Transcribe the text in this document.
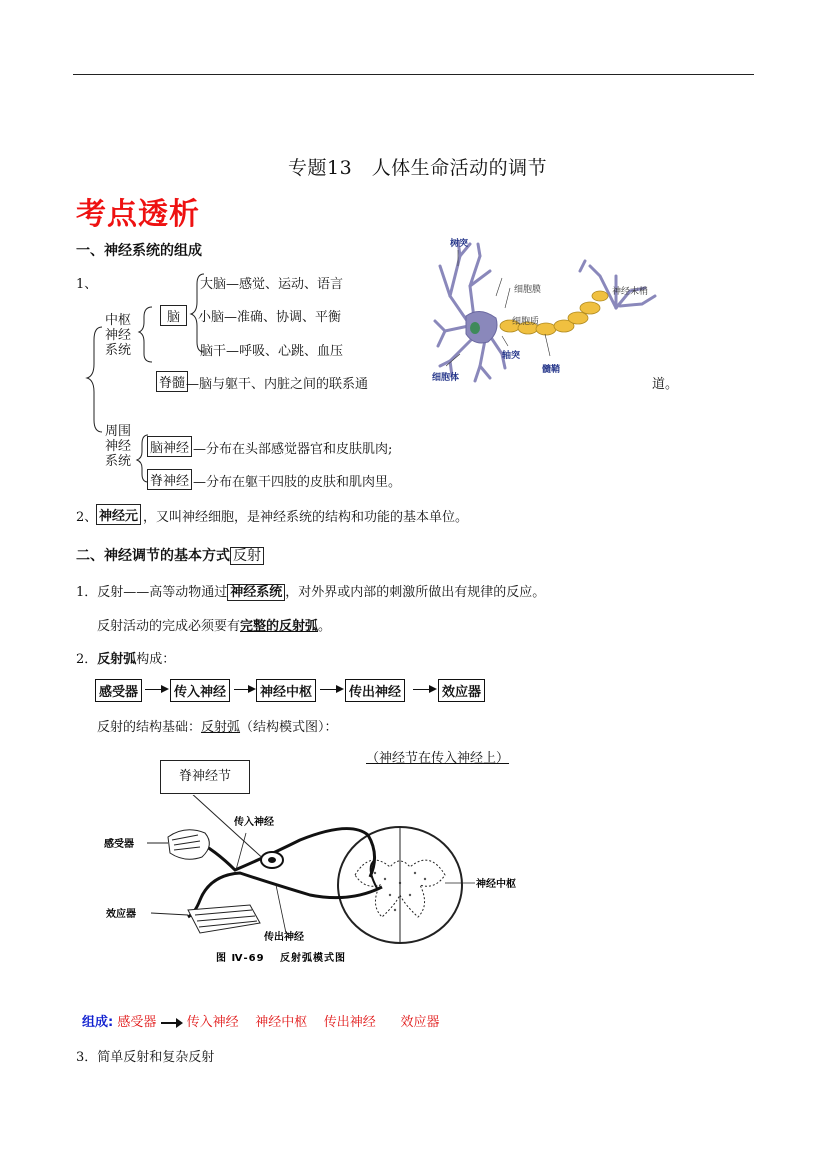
专题13　人体生命活动的调节
考点透析
一、神经系统的组成
1、
中枢
神经
系统
脑
大脑—感觉、运动、语言
小脑—准确、协调、平衡
脑干—呼吸、心跳、血压
脊髓 —脑与躯干、内脏之间的联系通	道。
周围
神经
系统
脑神经 —分布在头部感觉器官和皮肤肌肉;
脊神经 —分布在躯干四肢的皮肤和肌肉里。
2、 神经元 ，又叫神经细胞，是神经系统的结构和功能的基本单位。
树突
细胞膜
细胞质
轴突
细胞体
髓鞘
神经末梢
二、神经调节的基本方式 反射
1．反射——高等动物通过 神经系统 ，对外界或内部的刺激所做出有规律的反应。
反射活动的完成必须要有完整的反射弧。
2．反射弧构成：
感受器	传入神经	神经中枢	传出神经	效应器
反射的结构基础：反射弧（结构模式图）：
（神经节在传入神经上）
脊神经节
感受器
传入神经
效应器
传出神经
神经中枢
图 Ⅳ-69　 反射弧模式图
组成: 感受器 传入神经 神经中枢 传出神经 效应器
3．简单反射和复杂反射
